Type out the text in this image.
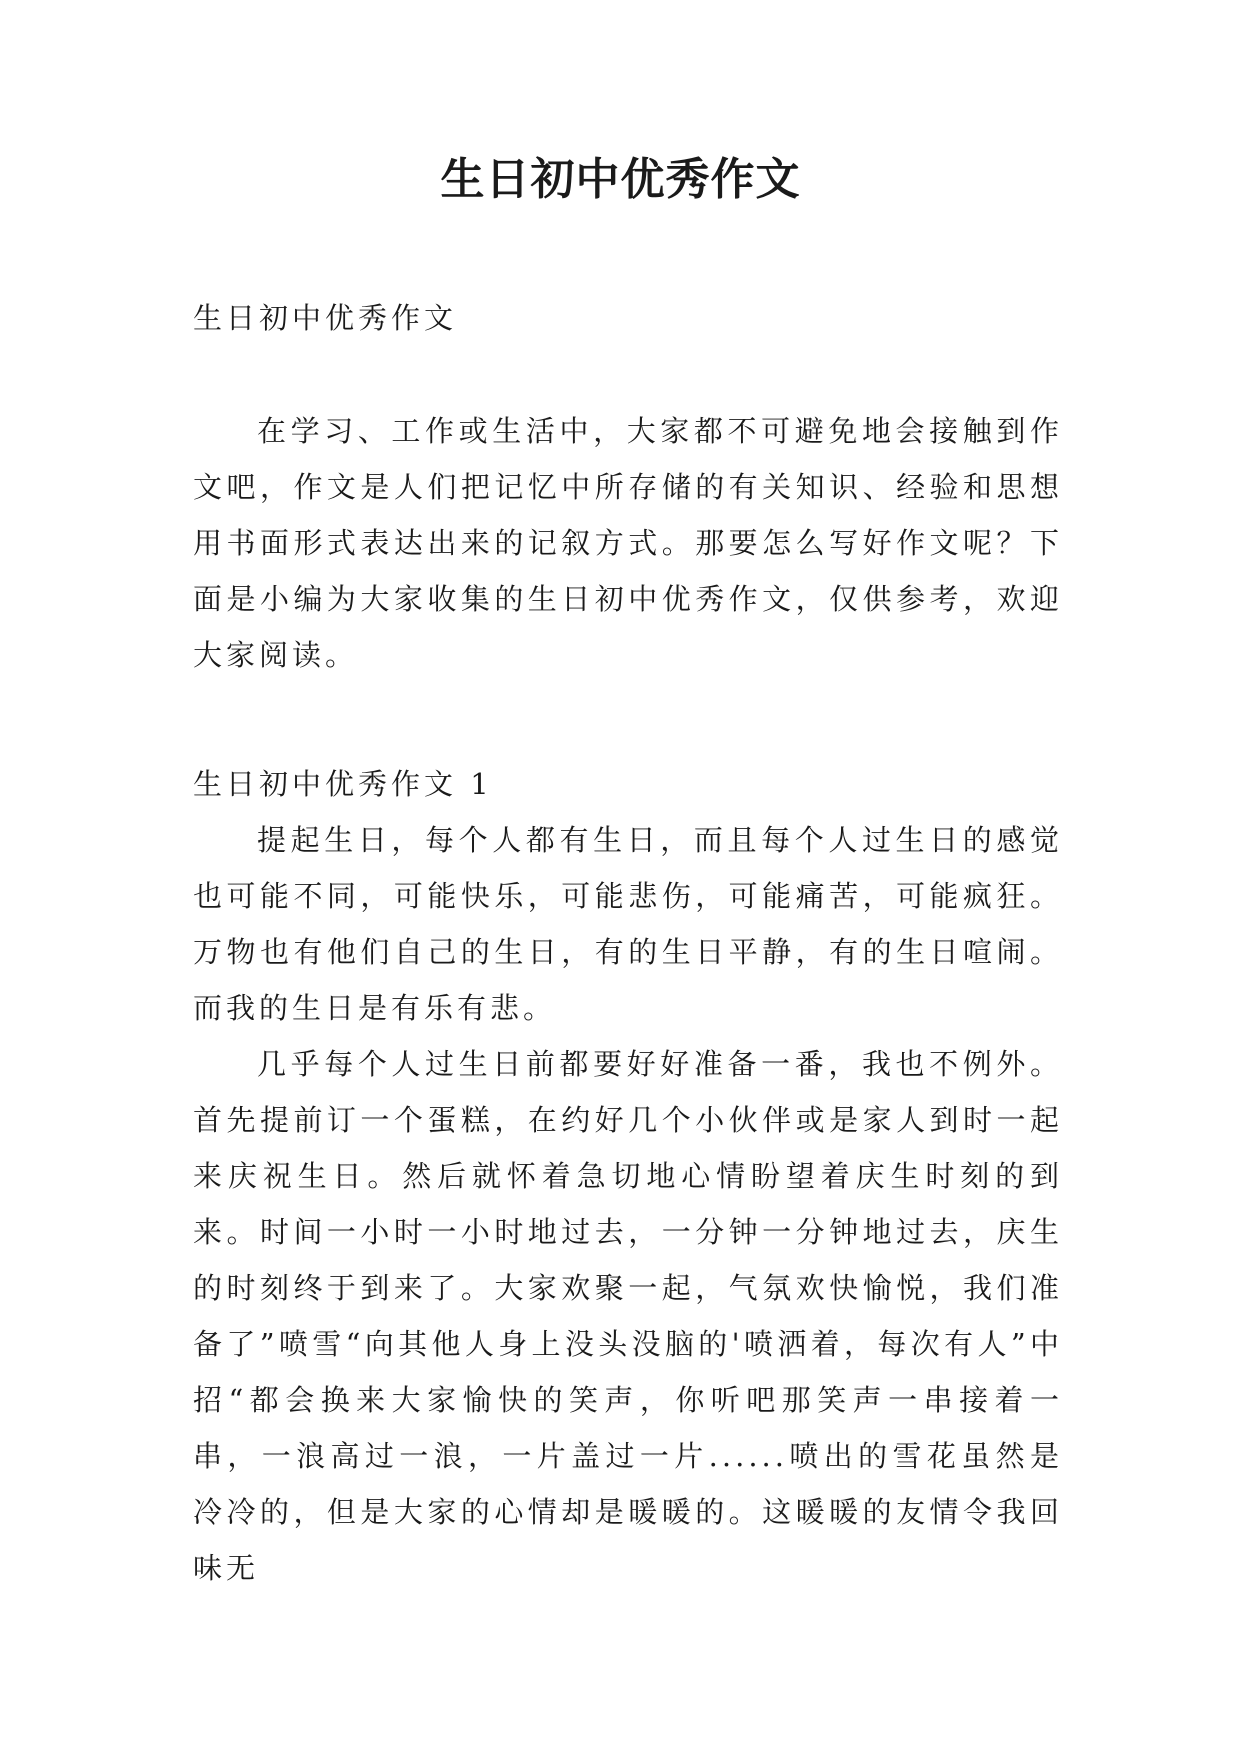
生日初中优秀作文

生日初中优秀作文

在学习、工作或生活中，大家都不可避免地会接触到作文吧，作文是人们把记忆中所存储的有关知识、经验和思想用书面形式表达出来的记叙方式。那要怎么写好作文呢？下面是小编为大家收集的生日初中优秀作文，仅供参考，欢迎大家阅读。

生日初中优秀作文 1

提起生日，每个人都有生日，而且每个人过生日的感觉也可能不同，可能快乐，可能悲伤，可能痛苦，可能疯狂。万物也有他们自己的生日，有的生日平静，有的生日喧闹。而我的生日是有乐有悲。

几乎每个人过生日前都要好好准备一番，我也不例外。首先提前订一个蛋糕，在约好几个小伙伴或是家人到时一起来庆祝生日。然后就怀着急切地心情盼望着庆生时刻的到来。时间一小时一小时地过去，一分钟一分钟地过去，庆生的时刻终于到来了。大家欢聚一起，气氛欢快愉悦，我们准备了”喷雪“向其他人身上没头没脑的'喷洒着，每次有人”中招“都会换来大家愉快的笑声，你听吧那笑声一串接着一串，一浪高过一浪，一片盖过一片......喷出的雪花虽然是冷冷的，但是大家的心情却是暖暖的。这暖暖的友情令我回味无
